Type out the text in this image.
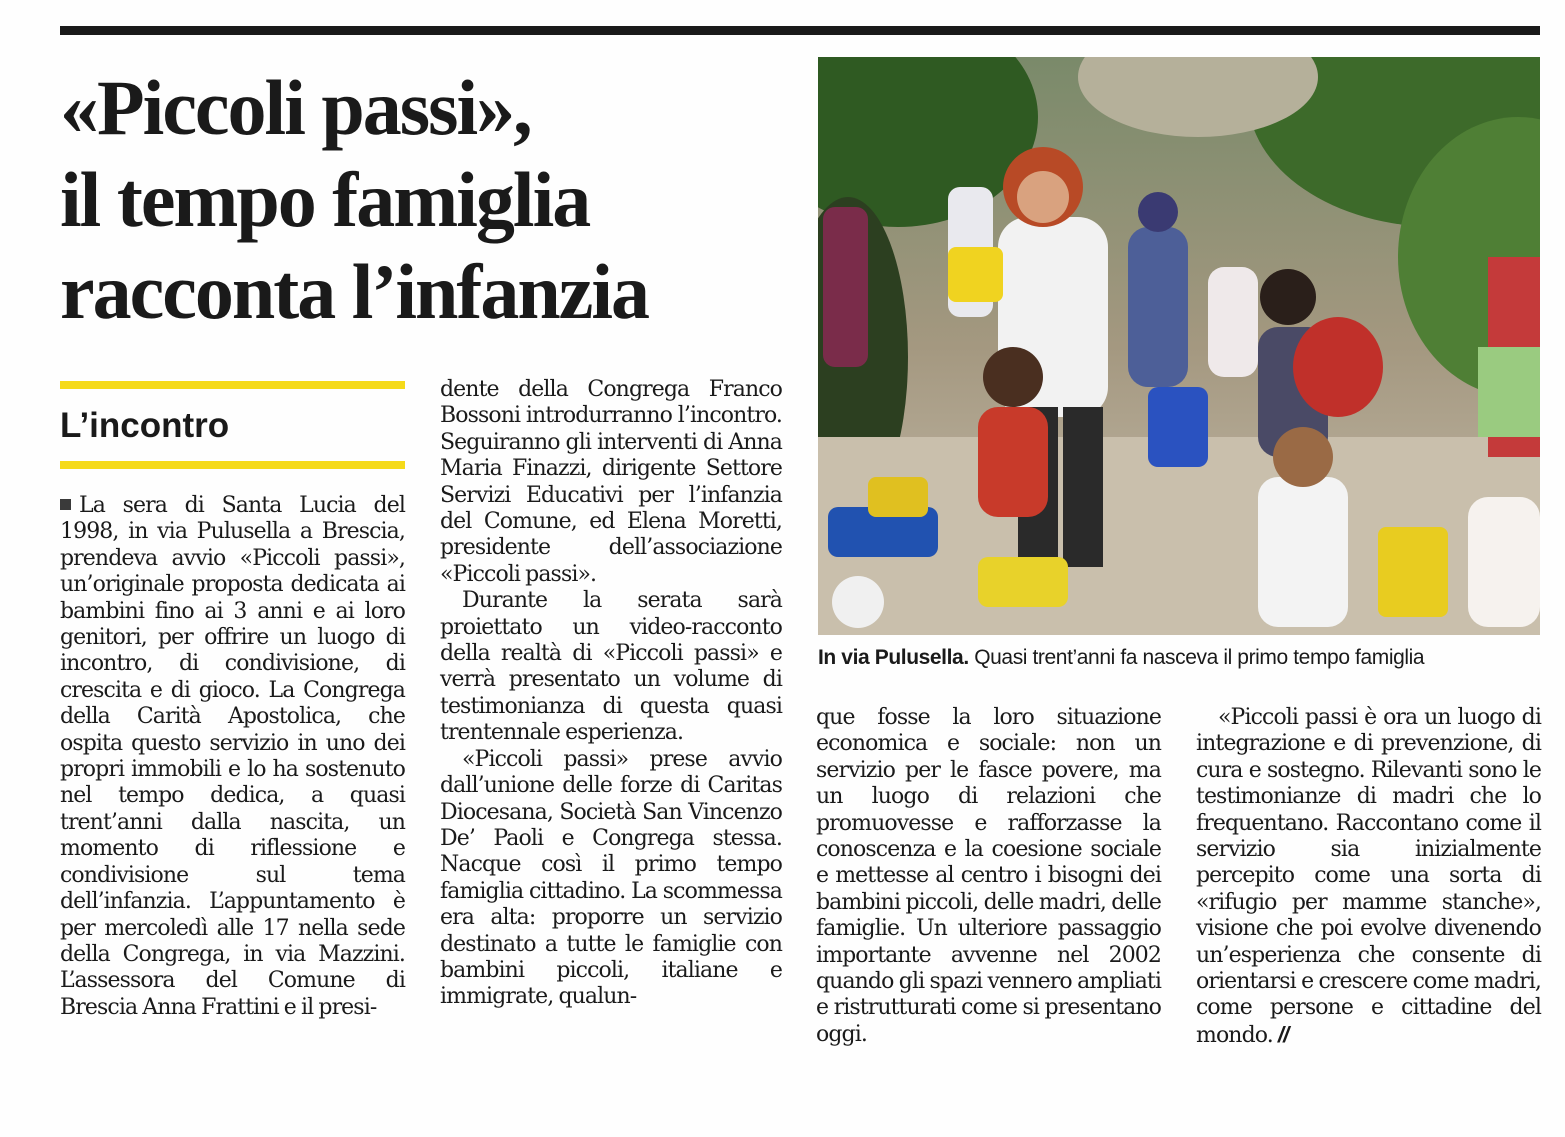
«Piccoli passi»,
il tempo famiglia
racconta l’infanzia
L’incontro

La sera di Santa Lucia del 1998, in via Pulusella a Brescia, prendeva avvio «Piccoli passi», un’originale proposta dedicata ai bambini fino ai 3 anni e ai loro genitori, per offrire un luogo di incontro, di condivisione, di crescita e di gioco. La Congrega della Carità Apostolica, che ospita questo servizio in uno dei propri immobili e lo ha sostenuto nel tempo dedica, a quasi trent’anni dalla nascita, un momento di riflessione e condivisione sul tema dell’infanzia. L’appuntamento è per mercoledì alle 17 nella sede della Congrega, in via Mazzini. L’assessora del Comune di Brescia Anna Frattini e il presi-

dente della Congrega Franco Bossoni introdurranno l’incontro. Seguiranno gli interventi di Anna Maria Finazzi, dirigente Settore Servizi Educativi per l’infanzia del Comune, ed Elena Moretti, presidente dell’associazione «Piccoli passi».

Durante la serata sarà proiettato un video-racconto della realtà di «Piccoli passi» e verrà presentato un volume di testimonianza di questa quasi trentennale esperienza.

«Piccoli passi» prese avvio dall’unione delle forze di Caritas Diocesana, Società San Vincenzo De’ Paoli e Congrega stessa. Nacque così il primo tempo famiglia cittadino. La scommessa era alta: proporre un servizio destinato a tutte le famiglie con bambini piccoli, italiane e immigrate, qualun-

In via Pulusella. Quasi trent’anni fa nasceva il primo tempo famiglia

que fosse la loro situazione economica e sociale: non un servizio per le fasce povere, ma un luogo di relazioni che promuovesse e rafforzasse la conoscenza e la coesione sociale e mettesse al centro i bisogni dei bambini piccoli, delle madri, delle famiglie. Un ulteriore passaggio importante avvenne nel 2002 quando gli spazi vennero ampliati e ristrutturati come si presentano oggi.

«Piccoli passi è ora un luogo di integrazione e di prevenzione, di cura e sostegno. Rilevanti sono le testimonianze di madri che lo frequentano. Raccontano come il servizio sia inizialmente percepito come una sorta di «rifugio per mamme stanche», visione che poi evolve divenendo un’esperienza che consente di orientarsi e crescere come madri, come persone e cittadine del mondo. //
